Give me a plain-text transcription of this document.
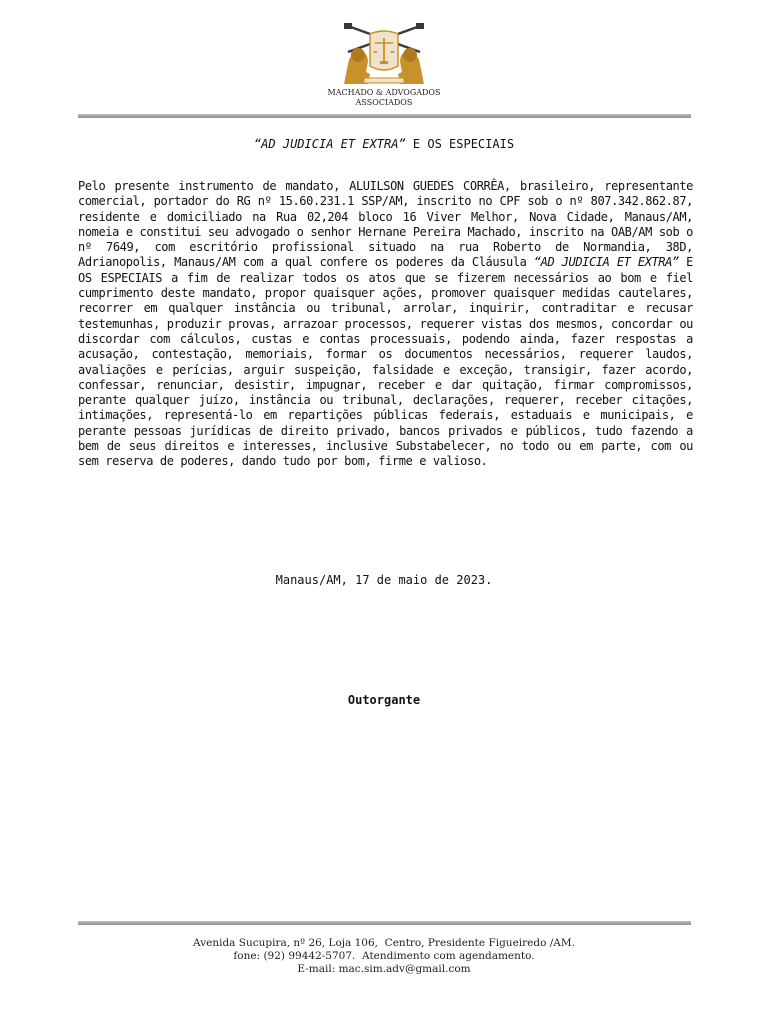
MACHADO & ADVOGADOS
ASSOCIADOS
“AD JUDICIA ET EXTRA” E OS ESPECIAIS
Pelo presente instrumento de mandato, ALUILSON GUEDES CORRÊA, brasileiro, representante comercial, portador do RG nº 15.60.231.1 SSP/AM, inscrito no CPF sob o nº 807.342.862.87, residente e domiciliado na Rua 02,204 bloco 16 Viver Melhor, Nova Cidade, Manaus/AM, nomeia e constitui seu advogado o senhor Hernane Pereira Machado, inscrito na OAB/AM sob o nº 7649, com escritório profissional situado na rua Roberto de Normandia, 38D, Adrianopolis, Manaus/AM com a qual confere os poderes da Cláusula “AD JUDICIA ET EXTRA” E OS ESPECIAIS a fim de realizar todos os atos que se fizerem necessários ao bom e fiel cumprimento deste mandato, propor quaisquer ações, promover quaisquer medidas cautelares, recorrer em qualquer instância ou tribunal, arrolar, inquirir, contraditar e recusar testemunhas, produzir provas, arrazoar processos, requerer vistas dos mesmos, concordar ou discordar com cálculos, custas e contas processuais, podendo ainda, fazer respostas a acusação, contestação, memoriais, formar os documentos necessários, requerer laudos, avaliações e perícias, arguir suspeição, falsidade e exceção, transigir, fazer acordo, confessar, renunciar, desistir, impugnar, receber e dar quitação, firmar compromissos, perante qualquer juízo, instância ou tribunal, declarações, requerer, receber citações, intimações, representá-lo em repartições públicas federais, estaduais e municipais, e perante pessoas jurídicas de direito privado, bancos privados e públicos, tudo fazendo a bem de seus direitos e interesses, inclusive Substabelecer, no todo ou em parte, com ou sem reserva de poderes, dando tudo por bom, firme e valioso.
Manaus/AM, 17 de maio de 2023.
Outorgante
Avenida Sucupira, nº 26, Loja 106,  Centro, Presidente Figueiredo /AM.
fone: (92) 99442-5707.  Atendimento com agendamento.
E-mail: mac.sim.adv@gmail.com
